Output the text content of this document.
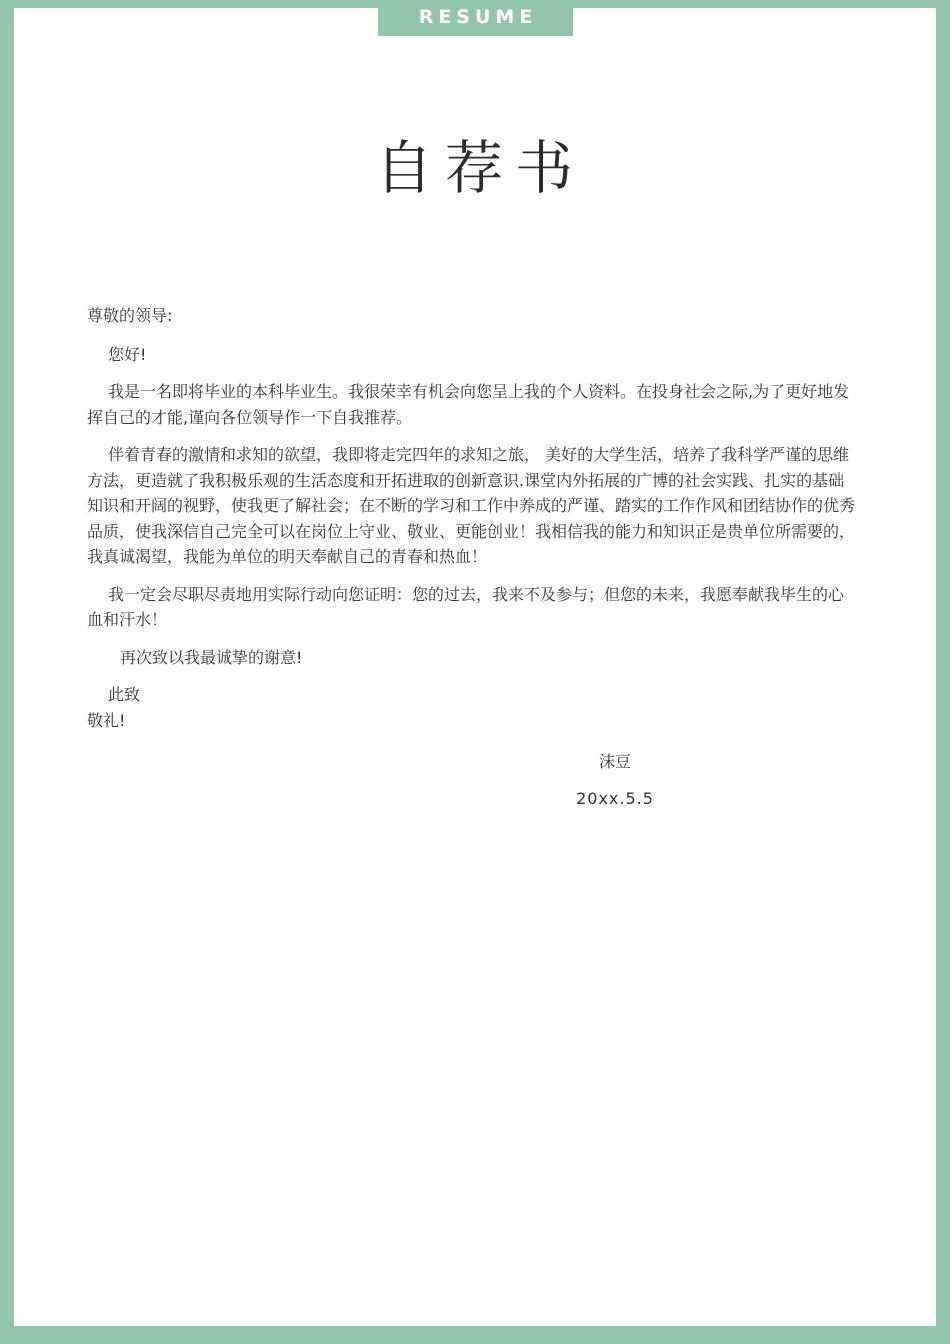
RESUME
自荐书

尊敬的领导:

您好!

我是一名即将毕业的本科毕业生。我很荣幸有机会向您呈上我的个人资料。在投身社会之际,为了更好地发挥自己的才能,谨向各位领导作一下自我推荐。

伴着青春的激情和求知的欲望，我即将走完四年的求知之旅， 美好的大学生活，培养了我科学严谨的思维方法，更造就了我积极乐观的生活态度和开拓进取的创新意识.课堂内外拓展的广博的社会实践、扎实的基础知识和开阔的视野，使我更了解社会；在不断的学习和工作中养成的严谨、踏实的工作作风和团结协作的优秀品质，使我深信自己完全可以在岗位上守业、敬业、更能创业！我相信我的能力和知识正是贵单位所需要的，我真诚渴望，我能为单位的明天奉献自己的青春和热血！

我一定会尽职尽责地用实际行动向您证明：您的过去，我来不及参与；但您的未来，我愿奉献我毕生的心血和汗水！

再次致以我最诚挚的谢意!

此致

敬礼!

沫豆
20xx.5.5
